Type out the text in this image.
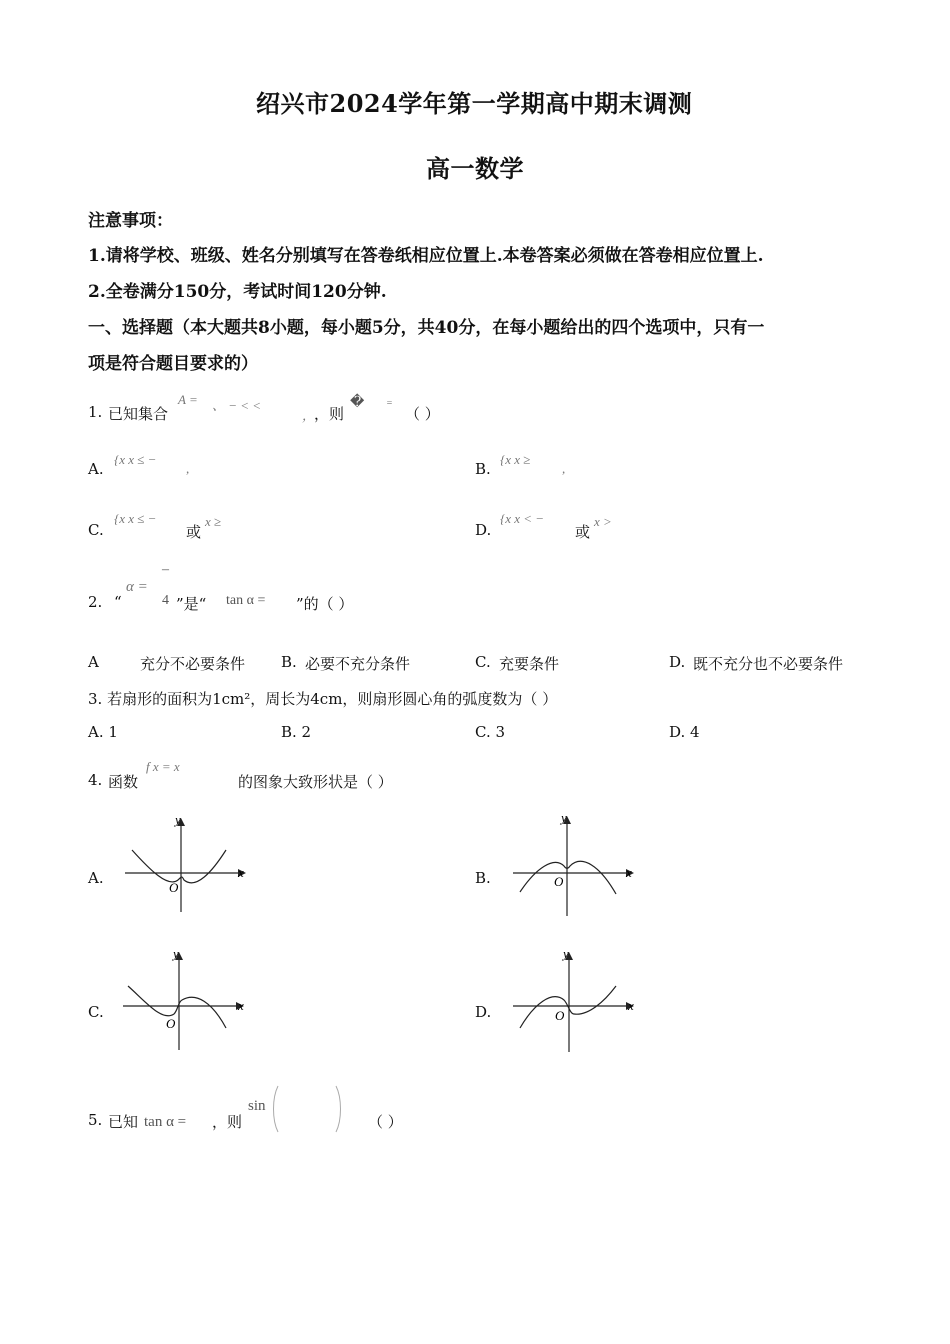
绍兴市2024学年第一学期高中期末调测
高一数学
注意事项：
1.请将学校、班级、姓名分别填写在答卷纸相应位置上.本卷答案必须做在答卷相应位置上.
2.全卷满分150分，考试时间120分钟.
一、选择题（本大题共8小题，每小题5分，共40分，在每小题给出的四个选项中，只有一
项是符合题目要求的）
1. 已知集合
A = 、 − < <
，
，则
� =
（ ）
A.
{x x ≤ −
,	B.
{x x ≥
,
C.
{x x ≤ −
或
x ≥	D.
{x x < −
或
x >
2. “
–
α =
4 ”是“ tan α = ”的（ ）
A	充分不必要条件 B. 必要不充分条件	C. 充要条件	D. 既不充分也不必要条件
3. 若扇形的面积为1cm²，周长为4cm，则扇形圆心角的弧度数为（ ）
A. 1	B. 2	C. 3	D. 4
4. 函数
f x = x
的图象大致形状是（ ）
A.	B.
C.	D.
x
y
O
x
y
O
x
y
O
x
y
O
5. 已知 tan α = ，则
sin
（ ）
